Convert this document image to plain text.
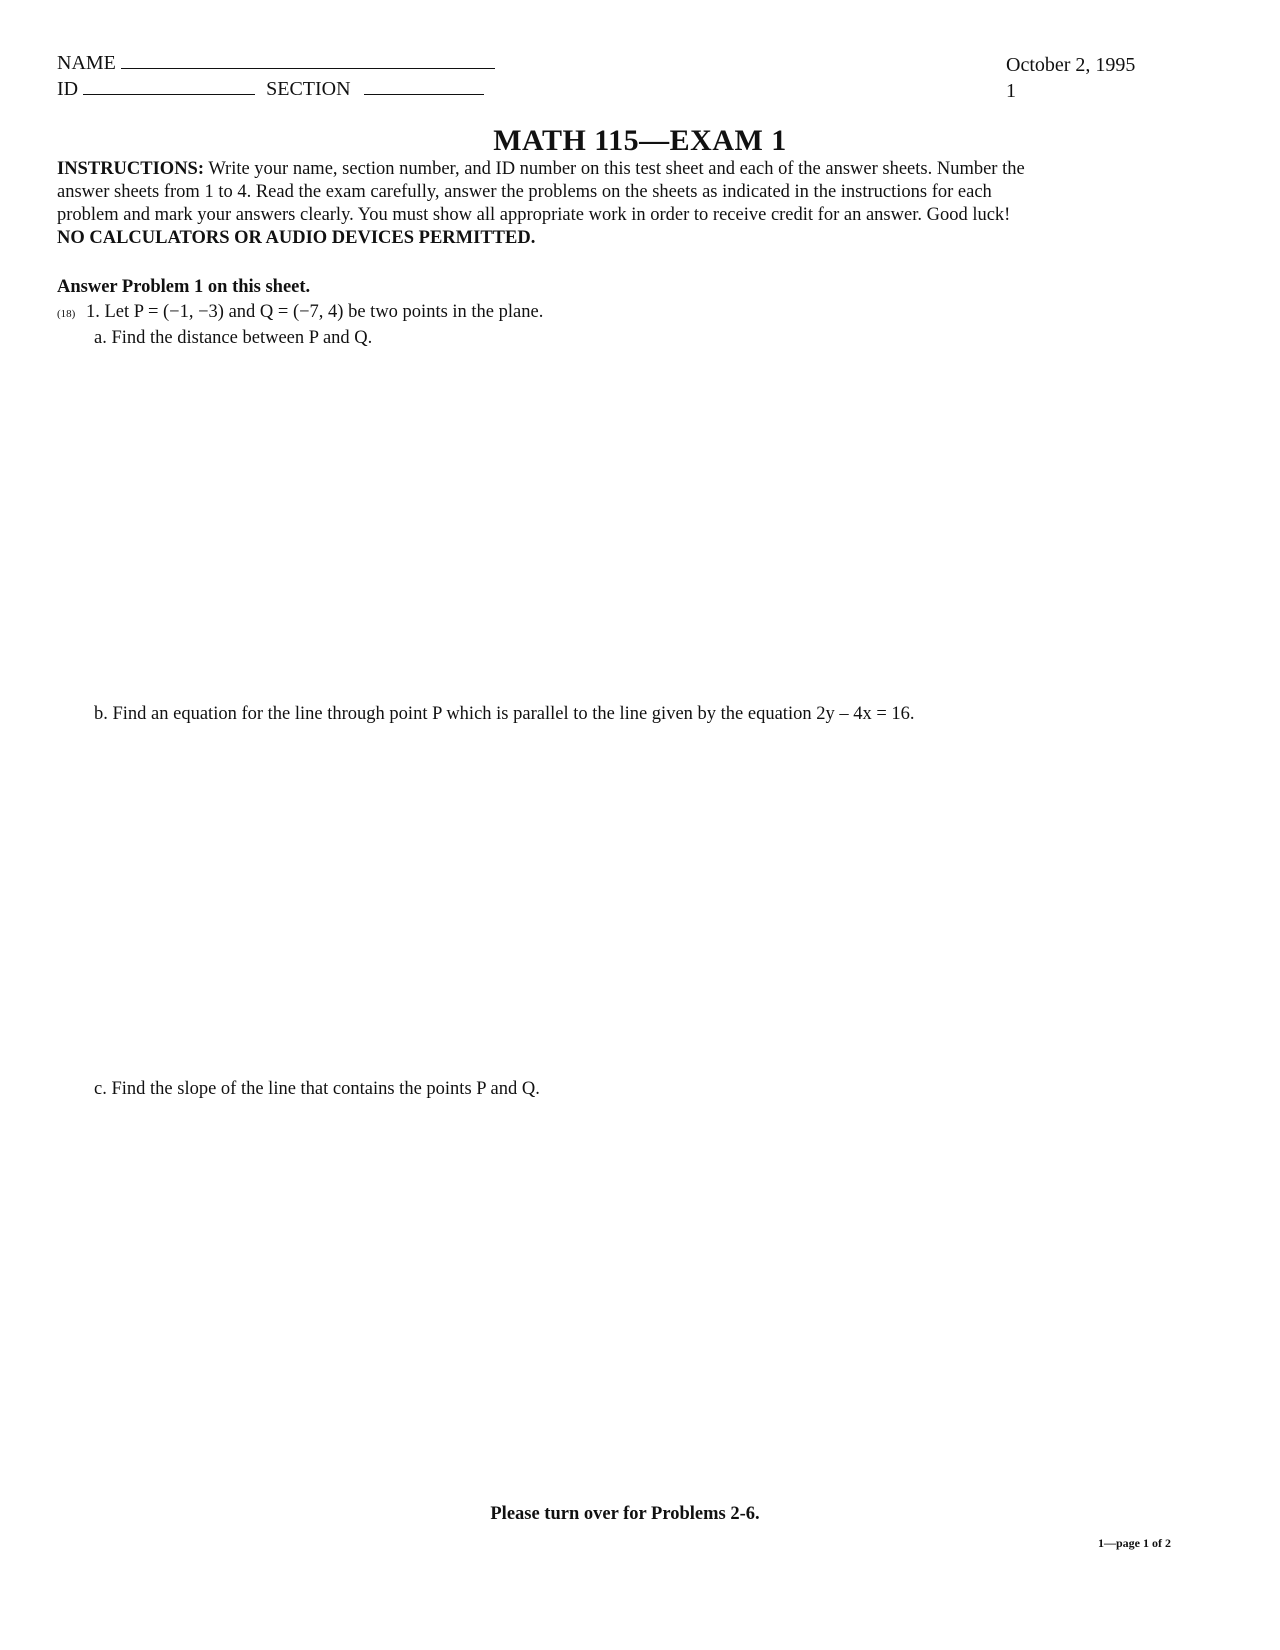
NAME
ID	SECTION
October 2, 1995
1
MATH 115—EXAM 1
INSTRUCTIONS: Write your name, section number, and ID number on this test sheet and each of the answer sheets. Number the
answer sheets from 1 to 4. Read the exam carefully, answer the problems on the sheets as indicated in the instructions for each
problem and mark your answers clearly. You must show all appropriate work in order to receive credit for an answer. Good luck!
NO CALCULATORS OR AUDIO DEVICES PERMITTED.
Answer Problem 1 on this sheet.
(18) 1. Let P = (−1, −3) and Q = (−7, 4) be two points in the plane.
a. Find the distance between P and Q.
b. Find an equation for the line through point P which is parallel to the line given by the equation 2y – 4x = 16.
c. Find the slope of the line that contains the points P and Q.
Please turn over for Problems 2-6.
1—page 1 of 2
